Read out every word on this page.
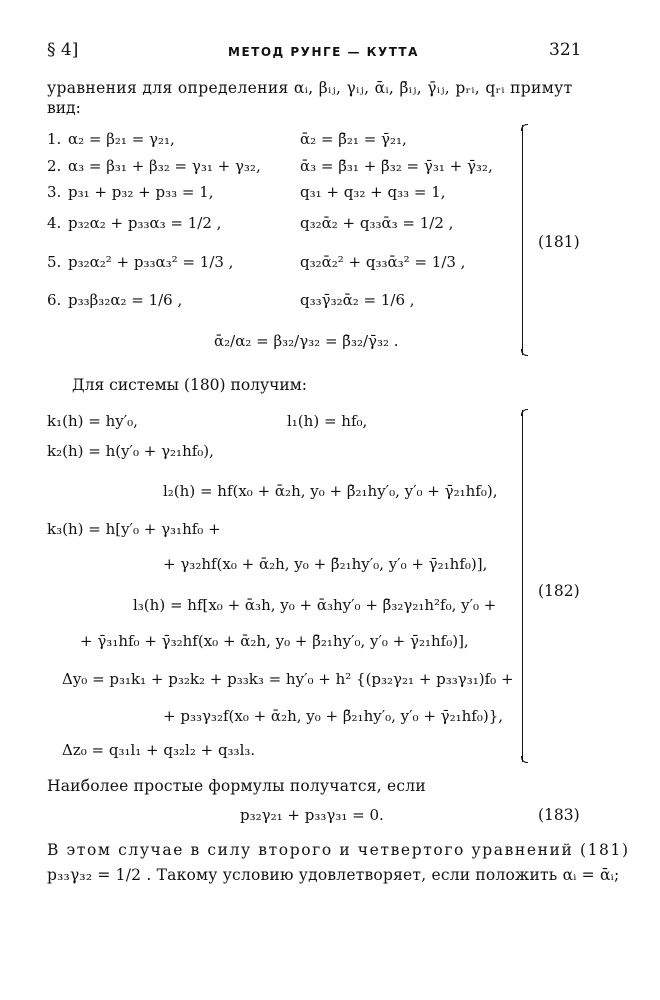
§ 4]	МЕТОД РУНГЕ — КУТТА	321
уравнения для определения αᵢ, βᵢⱼ, γᵢⱼ, ᾱᵢ, β̄ᵢⱼ, γ̄ᵢⱼ, pᵣᵢ, qᵣᵢ примут
вид:
1. α₂ = β₂₁ = γ₂₁,	ᾱ₂ = β̄₂₁ = γ̄₂₁,
2. α₃ = β₃₁ + β₃₂ = γ₃₁ + γ₃₂,	ᾱ₃ = β̄₃₁ + β̄₃₂ = γ̄₃₁ + γ̄₃₂,
3. p₃₁ + p₃₂ + p₃₃ = 1,	q₃₁ + q₃₂ + q₃₃ = 1,
4. p₃₂α₂ + p₃₃α₃ = 1/2 ,	q₃₂ᾱ₂ + q₃₃ᾱ₃ = 1/2 ,
5. p₃₂α₂² + p₃₃α₃² = 1/3 ,	q₃₂ᾱ₂² + q₃₃ᾱ₃² = 1/3 ,
6. p₃₃β₃₂α₂ = 1/6 ,	q₃₃γ̄₃₂ᾱ₂ = 1/6 ,
ᾱ₂/α₂ = β₃₂/γ₃₂ = β̄₃₂/γ̄₃₂ .
(181)
Для системы (180) получим:
k₁(h) = hy′₀,	l₁(h) = hf₀,
k₂(h) = h(y′₀ + γ₂₁hf₀),
l₂(h) = hf(x₀ + ᾱ₂h, y₀ + β̄₂₁hy′₀, y′₀ + γ̄₂₁hf₀),
k₃(h) = h[y′₀ + γ₃₁hf₀ +
+ γ₃₂hf(x₀ + ᾱ₂h, y₀ + β̄₂₁hy′₀, y′₀ + γ̄₂₁hf₀)],
l₃(h) = hf[x₀ + ᾱ₃h, y₀ + ᾱ₃hy′₀ + β̄₃₂γ₂₁h²f₀, y′₀ +
+ γ̄₃₁hf₀ + γ̄₃₂hf(x₀ + ᾱ₂h, y₀ + β̄₂₁hy′₀, y′₀ + γ̄₂₁hf₀)],
Δy₀ = p₃₁k₁ + p₃₂k₂ + p₃₃k₃ = hy′₀ + h² {(p₃₂γ₂₁ + p₃₃γ₃₁)f₀ +
+ p₃₃γ₃₂f(x₀ + ᾱ₂h, y₀ + β̄₂₁hy′₀, y′₀ + γ̄₂₁hf₀)},
Δz₀ = q₃₁l₁ + q₃₂l₂ + q₃₃l₃.
(182)
Наиболее простые формулы получатся, если
p₃₂γ₂₁ + p₃₃γ₃₁ = 0.	(183)
В этом случае в силу второго и четвертого уравнений (181)
p₃₃γ₃₂ = 1/2 . Такому условию удовлетворяет, если положить αᵢ = ᾱᵢ;
